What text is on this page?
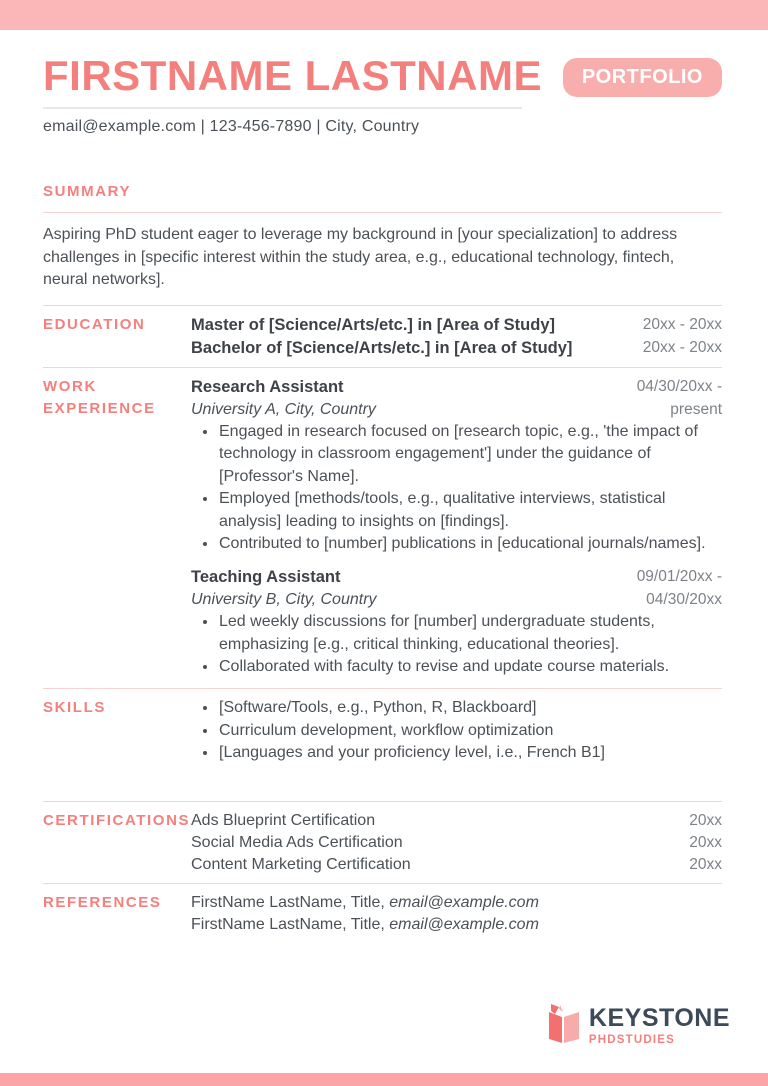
FIRSTNAME LASTNAME	PORTFOLIO
email@example.com | 123-456-7890 | City, Country
SUMMARY

Aspiring PhD student eager to leverage my background in [your specialization] to address challenges in [specific interest within the study area, e.g., educational technology, fintech, neural networks].

EDUCATION	Master of [Science/Arts/etc.] in [Area of Study]	20xx - 20xx
Bachelor of [Science/Arts/etc.] in [Area of Study]	20xx - 20xx
WORK EXPERIENCE
Research Assistant
University A, City, Country
04/30/20xx - present
• Engaged in research focused on [research topic, e.g., 'the impact of technology in classroom engagement'] under the guidance of [Professor's Name].
• Employed [methods/tools, e.g., qualitative interviews, statistical analysis] leading to insights on [findings].
• Contributed to [number] publications in [educational journals/names].
Teaching Assistant
University B, City, Country
09/01/20xx - 04/30/20xx
• Led weekly discussions for [number] undergraduate students, emphasizing [e.g., critical thinking, educational theories].
• Collaborated with faculty to revise and update course materials.
SKILLS	• [Software/Tools, e.g., Python, R, Blackboard]
• Curriculum development, workflow optimization
• [Languages and your proficiency level, i.e., French B1]
CERTIFICATIONS Ads Blueprint Certification	20xx
Social Media Ads Certification	20xx
Content Marketing Certification	20xx
REFERENCES	FirstName LastName, Title, email@example.com
FirstName LastName, Title, email@example.com
KEYSTONE
PHDSTUDIES
